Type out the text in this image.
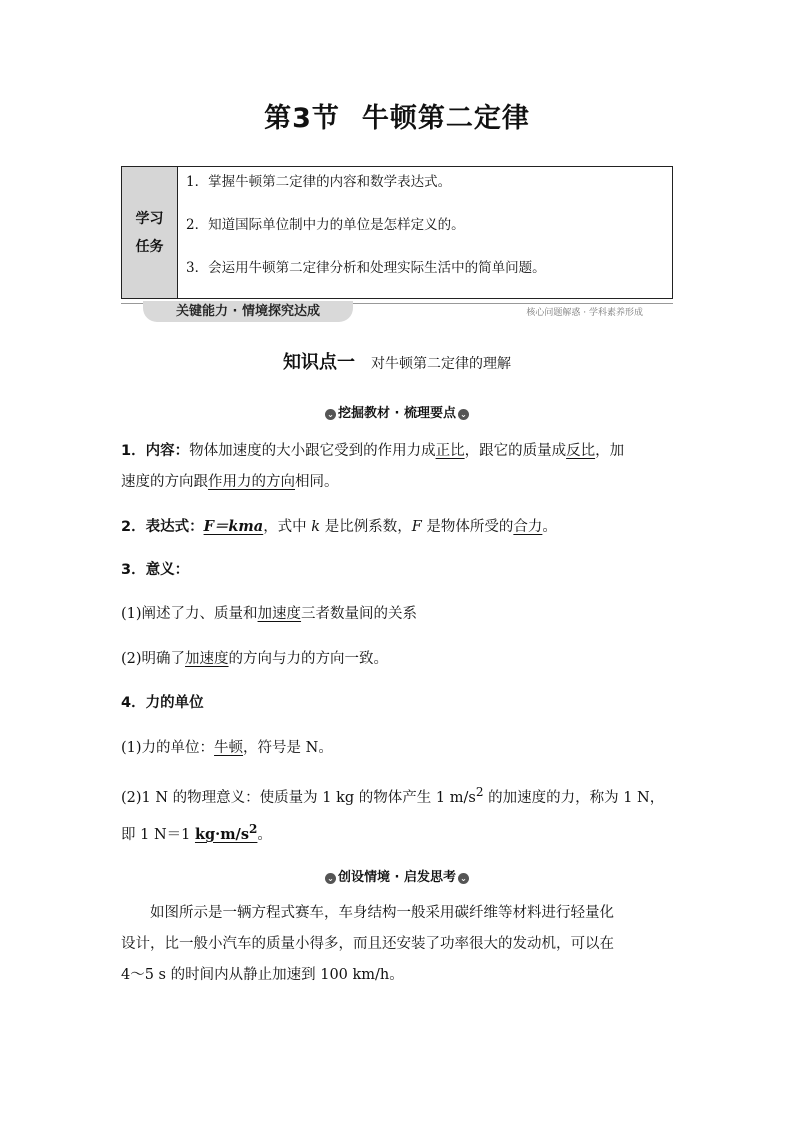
第3节 牛顿第二定律
学习
任务
1．掌握牛顿第二定律的内容和数学表达式。
2．知道国际单位制中力的单位是怎样定义的。
3．会运用牛顿第二定律分析和处理实际生活中的简单问题。
关键能力 · 情境探究达成	核心问题解惑 · 学科素养形成
知识点一 对牛顿第二定律的理解
⌄ 挖掘教材 · 梳理要点 ⌄
1．内容：物体加速度的大小跟它受到的作用力成正比，跟它的质量成反比，加
速度的方向跟作用力的方向相同。
2．表达式：F＝kma，式中 k 是比例系数，F 是物体所受的合力。
3．意义：
(1)阐述了力、质量和加速度三者数量间的关系
(2)明确了加速度的方向与力的方向一致。
4．力的单位
(1)力的单位：牛顿，符号是 N。
(2)1 N 的物理意义：使质量为 1 kg 的物体产生 1 $m/s^2$ 的加速度的力，称为 1 N，
即 1 N＝1 $kg\cdot m/s^2$。
⌄ 创设情境 · 启发思考 ⌄
　　如图所示是一辆方程式赛车，车身结构一般采用碳纤维等材料进行轻量化
设计，比一般小汽车的质量小得多，而且还安装了功率很大的发动机，可以在
4～5 s 的时间内从静止加速到 100 km/h。
